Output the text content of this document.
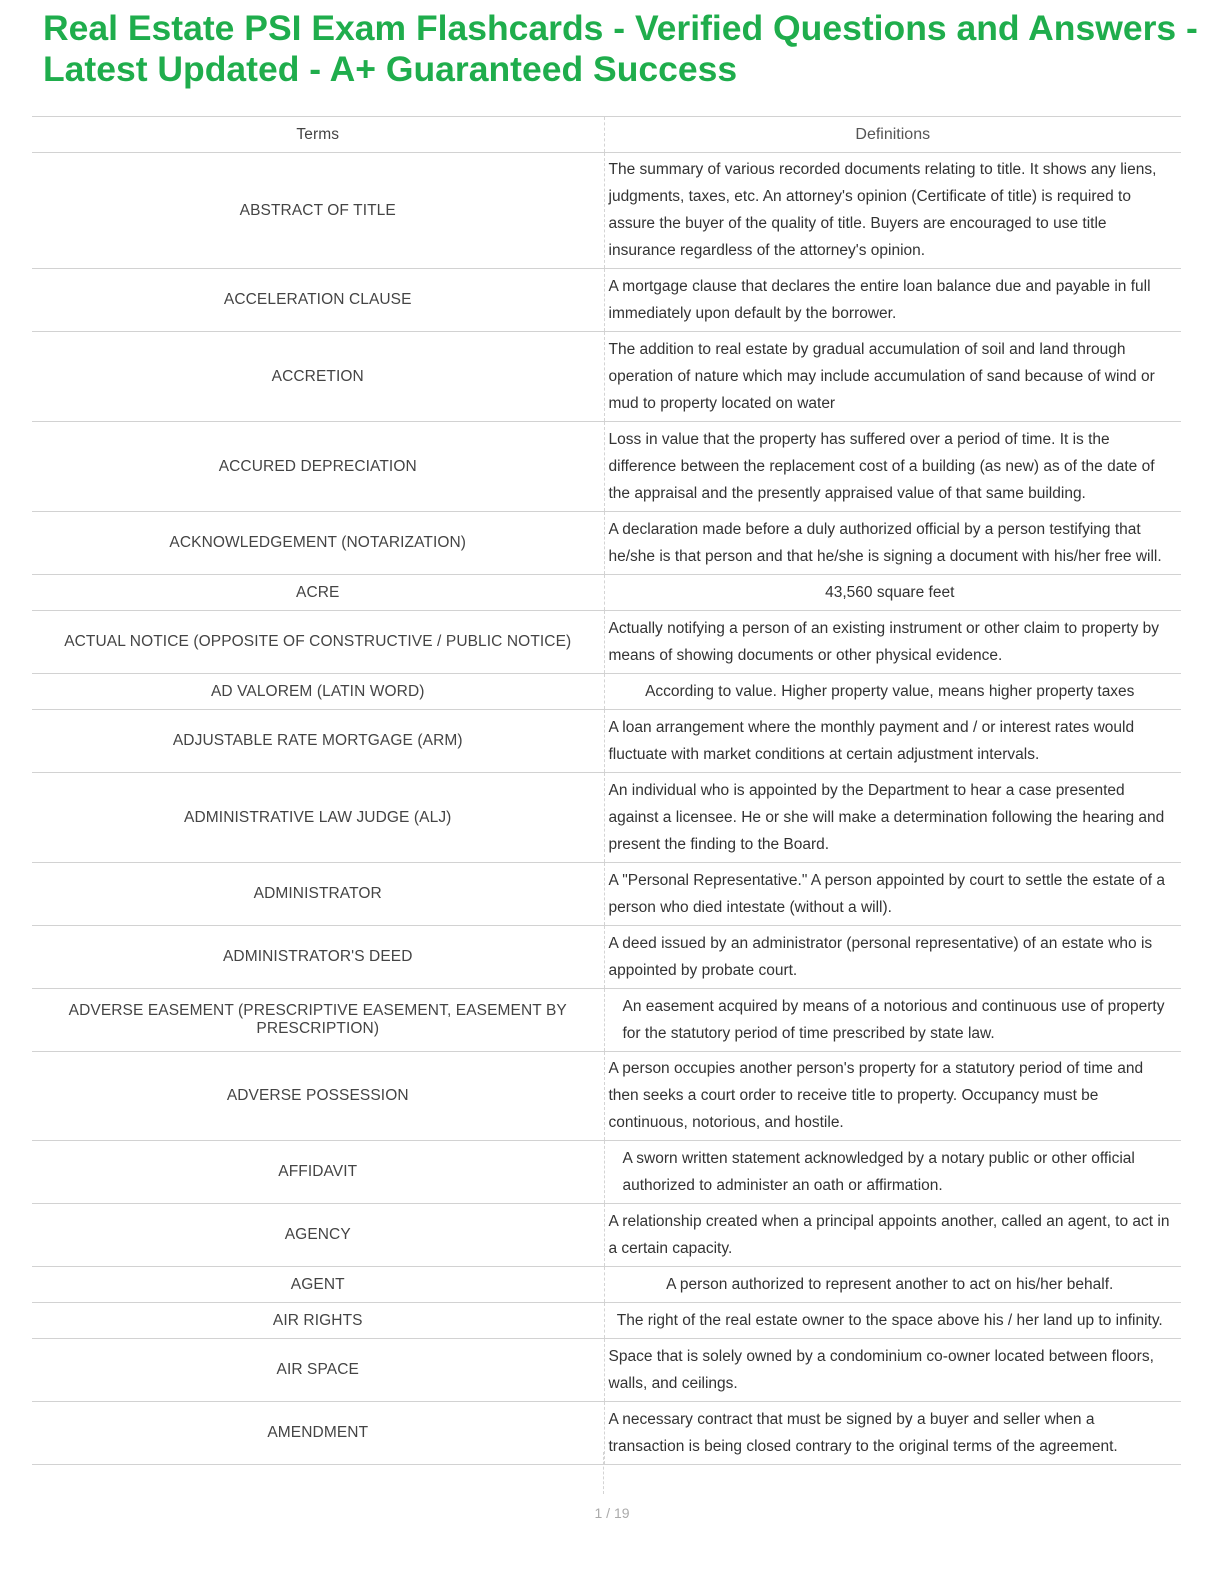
Real Estate PSI Exam Flashcards - Verified Questions and Answers - Latest Updated - A+ Guaranteed Success
Terms	Definitions
ABSTRACT OF TITLE	The summary of various recorded documents relating to title. It shows any liens, judgments, taxes, etc. An attorney's opinion (Certificate of title) is required to assure the buyer of the quality of title. Buyers are encouraged to use title insurance regardless of the attorney's opinion.
ACCELERATION CLAUSE	A mortgage clause that declares the entire loan balance due and payable in full immediately upon default by the borrower.
ACCRETION	The addition to real estate by gradual accumulation of soil and land through operation of nature which may include accumulation of sand because of wind or mud to property located on water
ACCURED DEPRECIATION	Loss in value that the property has suffered over a period of time. It is the difference between the replacement cost of a building (as new) as of the date of the appraisal and the presently appraised value of that same building.
ACKNOWLEDGEMENT (NOTARIZATION)	A declaration made before a duly authorized official by a person testifying that he/she is that person and that he/she is signing a document with his/her free will.
ACRE	43,560 square feet
ACTUAL NOTICE (OPPOSITE OF CONSTRUCTIVE / PUBLIC NOTICE)	Actually notifying a person of an existing instrument or other claim to property by means of showing documents or other physical evidence.
AD VALOREM (LATIN WORD)	According to value. Higher property value, means higher property taxes
ADJUSTABLE RATE MORTGAGE (ARM)	A loan arrangement where the monthly payment and / or interest rates would fluctuate with market conditions at certain adjustment intervals.
ADMINISTRATIVE LAW JUDGE (ALJ)	An individual who is appointed by the Department to hear a case presented against a licensee. He or she will make a determination following the hearing and present the finding to the Board.
ADMINISTRATOR	A "Personal Representative." A person appointed by court to settle the estate of a person who died intestate (without a will).
ADMINISTRATOR'S DEED	A deed issued by an administrator (personal representative) of an estate who is appointed by probate court.
ADVERSE EASEMENT (PRESCRIPTIVE EASEMENT, EASEMENT BY PRESCRIPTION)	An easement acquired by means of a notorious and continuous use of property for the statutory period of time prescribed by state law.
ADVERSE POSSESSION	A person occupies another person's property for a statutory period of time and then seeks a court order to receive title to property. Occupancy must be continuous, notorious, and hostile.
AFFIDAVIT	A sworn written statement acknowledged by a notary public or other official authorized to administer an oath or affirmation.
AGENCY	A relationship created when a principal appoints another, called an agent, to act in a certain capacity.
AGENT	A person authorized to represent another to act on his/her behalf.
AIR RIGHTS	The right of the real estate owner to the space above his / her land up to infinity.
AIR SPACE	Space that is solely owned by a condominium co-owner located between floors, walls, and ceilings.
AMENDMENT	A necessary contract that must be signed by a buyer and seller when a transaction is being closed contrary to the original terms of the agreement.
1 / 19
